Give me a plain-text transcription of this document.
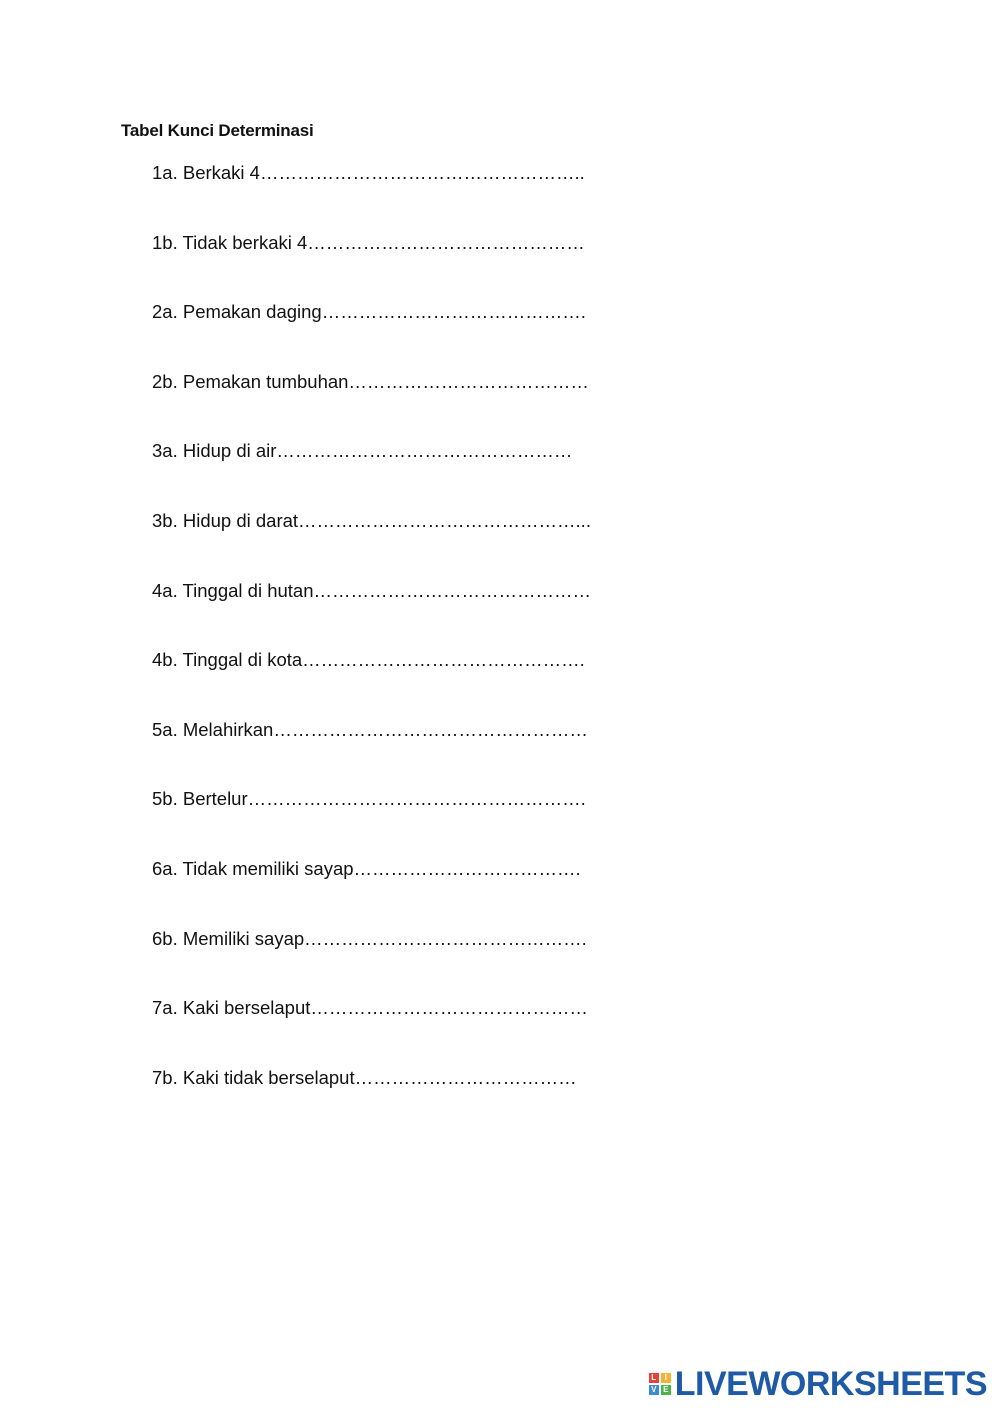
Tabel Kunci Determinasi
1a. Berkaki 4……………………………………………..
1b. Tidak berkaki 4………………………………………
2a. Pemakan daging…………………………………….
2b. Pemakan tumbuhan…………………………………
3a. Hidup di air…………………………………………
3b. Hidup di darat………………………………………...
4a. Tinggal di hutan………………………………………
4b. Tinggal di kota……………………………………….
5a. Melahirkan……………………………………………
5b. Bertelur……………………………………………….
6a. Tidak memiliki sayap……………………………….
6b. Memiliki sayap……………………………………….
7a. Kaki berselaput………………………………………
7b. Kaki tidak berselaput………………………………
L	I
V E LIVEWORKSHEETS
